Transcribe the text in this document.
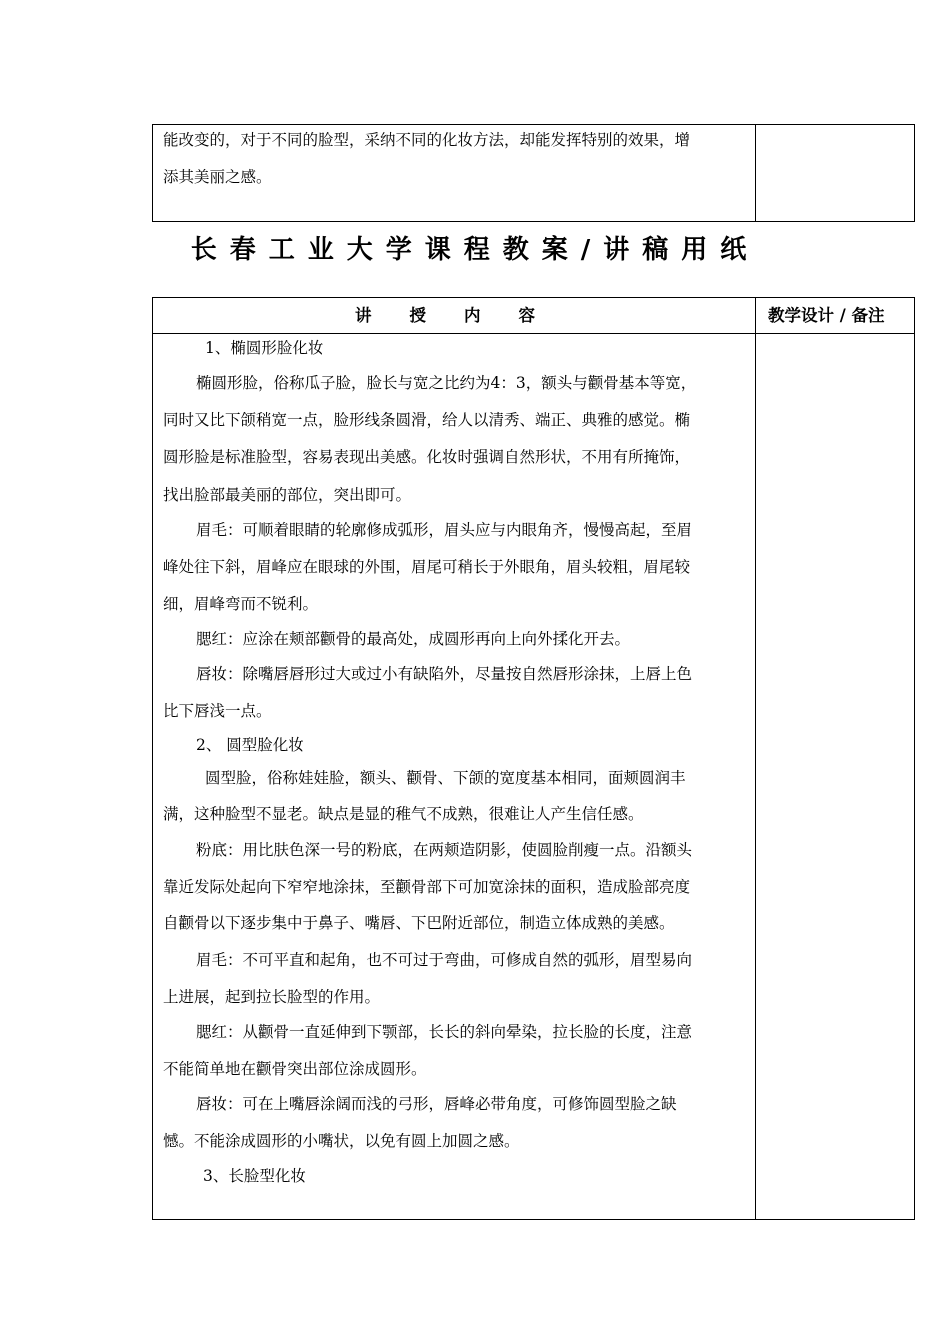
能改变的，对于不同的脸型，采纳不同的化妆方法，却能发挥特别的效果，增
添其美丽之感。
长春工业大学课程教案/讲稿用纸
讲授内容	教学设计 / 备注
1、椭圆形脸化妆
椭圆形脸，俗称瓜子脸，脸长与宽之比约为4：3，额头与颧骨基本等宽，
同时又比下颌稍宽一点，脸形线条圆滑，给人以清秀、端正、典雅的感觉。椭
圆形脸是标准脸型，容易表现出美感。化妆时强调自然形状，不用有所掩饰，
找出脸部最美丽的部位，突出即可。
眉毛：可顺着眼睛的轮廓修成弧形，眉头应与内眼角齐，慢慢高起，至眉
峰处往下斜，眉峰应在眼球的外围，眉尾可稍长于外眼角，眉头较粗，眉尾较
细，眉峰弯而不锐利。
腮红：应涂在颊部颧骨的最高处，成圆形再向上向外揉化开去。
唇妆：除嘴唇唇形过大或过小有缺陷外，尽量按自然唇形涂抹，上唇上色
比下唇浅一点。
2、 圆型脸化妆
圆型脸，俗称娃娃脸，额头、颧骨、下颌的宽度基本相同，面颊圆润丰
满，这种脸型不显老。缺点是显的稚气不成熟，很难让人产生信任感。
粉底：用比肤色深一号的粉底，在两颊造阴影，使圆脸削瘦一点。沿额头
靠近发际处起向下窄窄地涂抹，至颧骨部下可加宽涂抹的面积，造成脸部亮度
自颧骨以下逐步集中于鼻子、嘴唇、下巴附近部位，制造立体成熟的美感。
眉毛：不可平直和起角，也不可过于弯曲，可修成自然的弧形，眉型易向
上进展，起到拉长脸型的作用。
腮红：从颧骨一直延伸到下颚部，长长的斜向晕染，拉长脸的长度，注意
不能简单地在颧骨突出部位涂成圆形。
唇妆：可在上嘴唇涂阔而浅的弓形，唇峰必带角度，可修饰圆型脸之缺
憾。不能涂成圆形的小嘴状，以免有圆上加圆之感。
3、长脸型化妆
